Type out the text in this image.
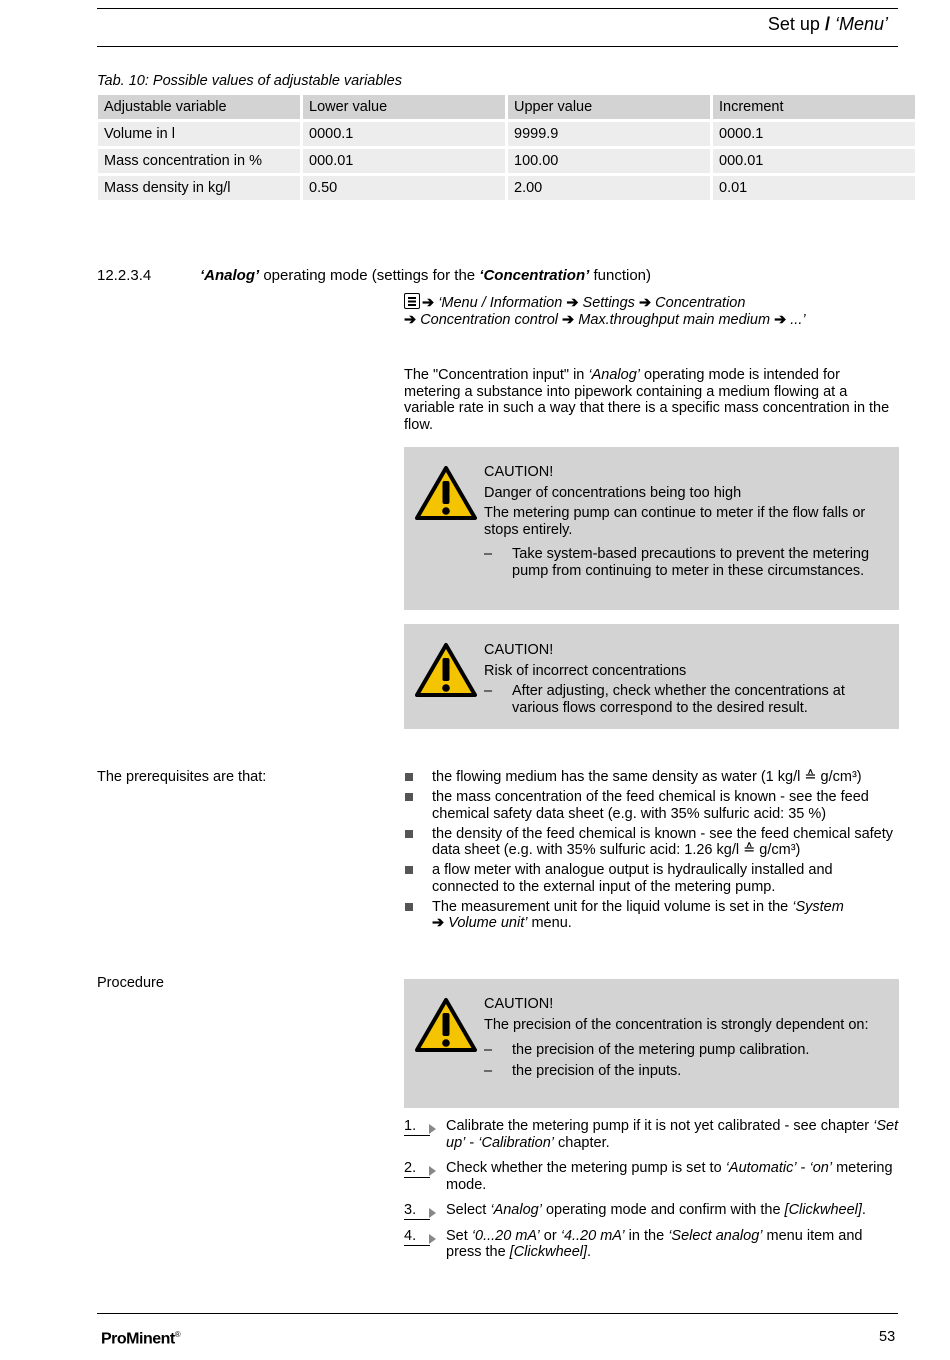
Set up / ‘Menu’
Tab. 10: Possible values of adjustable variables
Adjustable variable	Lower value	Upper value	Increment
Volume in l	0000.1	9999.9	0000.1
Mass concentration in %	000.01	100.00	000.01
Mass density in kg/l	0.50	2.00	0.01
12.2.3.4	‘Analog’ operating mode (settings for the ‘Concentration’ function)
➔ ‘Menu / Information ➔ Settings ➔ Concentration
➔ Concentration control ➔ Max.throughput main medium ➔ ...’
The "Concentration input" in ‘Analog’ operating mode is intended for metering a substance into pipework containing a medium flowing at a variable rate in such a way that there is a specific mass concentration in the flow.
CAUTION!
Danger of concentrations being too high
The metering pump can continue to meter if the flow falls or stops entirely.
–	Take system-based precautions to prevent the metering pump from continuing to meter in these circumstances.
CAUTION!
Risk of incorrect concentrations
–	After adjusting, check whether the concentrations at various flows correspond to the desired result.
The prerequisites are that:	the flowing medium has the same density as water (1 kg/l ≙ g/cm³)
the mass concentration of the feed chemical is known - see the feed chemical safety data sheet (e.g. with 35% sulfuric acid: 35 %)
the density of the feed chemical is known - see the feed chemical safety data sheet (e.g. with 35% sulfuric acid: 1.26 kg/l ≙ g/cm³)
a flow meter with analogue output is hydraulically installed and connected to the external input of the metering pump.
The measurement unit for the liquid volume is set in the ‘System
➔ Volume unit’ menu.
Procedure
CAUTION!
The precision of the concentration is strongly dependent on:
–	the precision of the metering pump calibration.
–	the precision of the inputs.
1.	Calibrate the metering pump if it is not yet calibrated - see chapter ‘Set up’ - ‘Calibration’ chapter.
2.	Check whether the metering pump is set to ‘Automatic’ - ‘on’ metering mode.
3.	Select ‘Analog’ operating mode and confirm with the [Clickwheel].
4.	Set ‘0...20 mA’ or ‘4..20 mA’ in the ‘Select analog’ menu item and press the [Clickwheel].
ProMinent®	53
